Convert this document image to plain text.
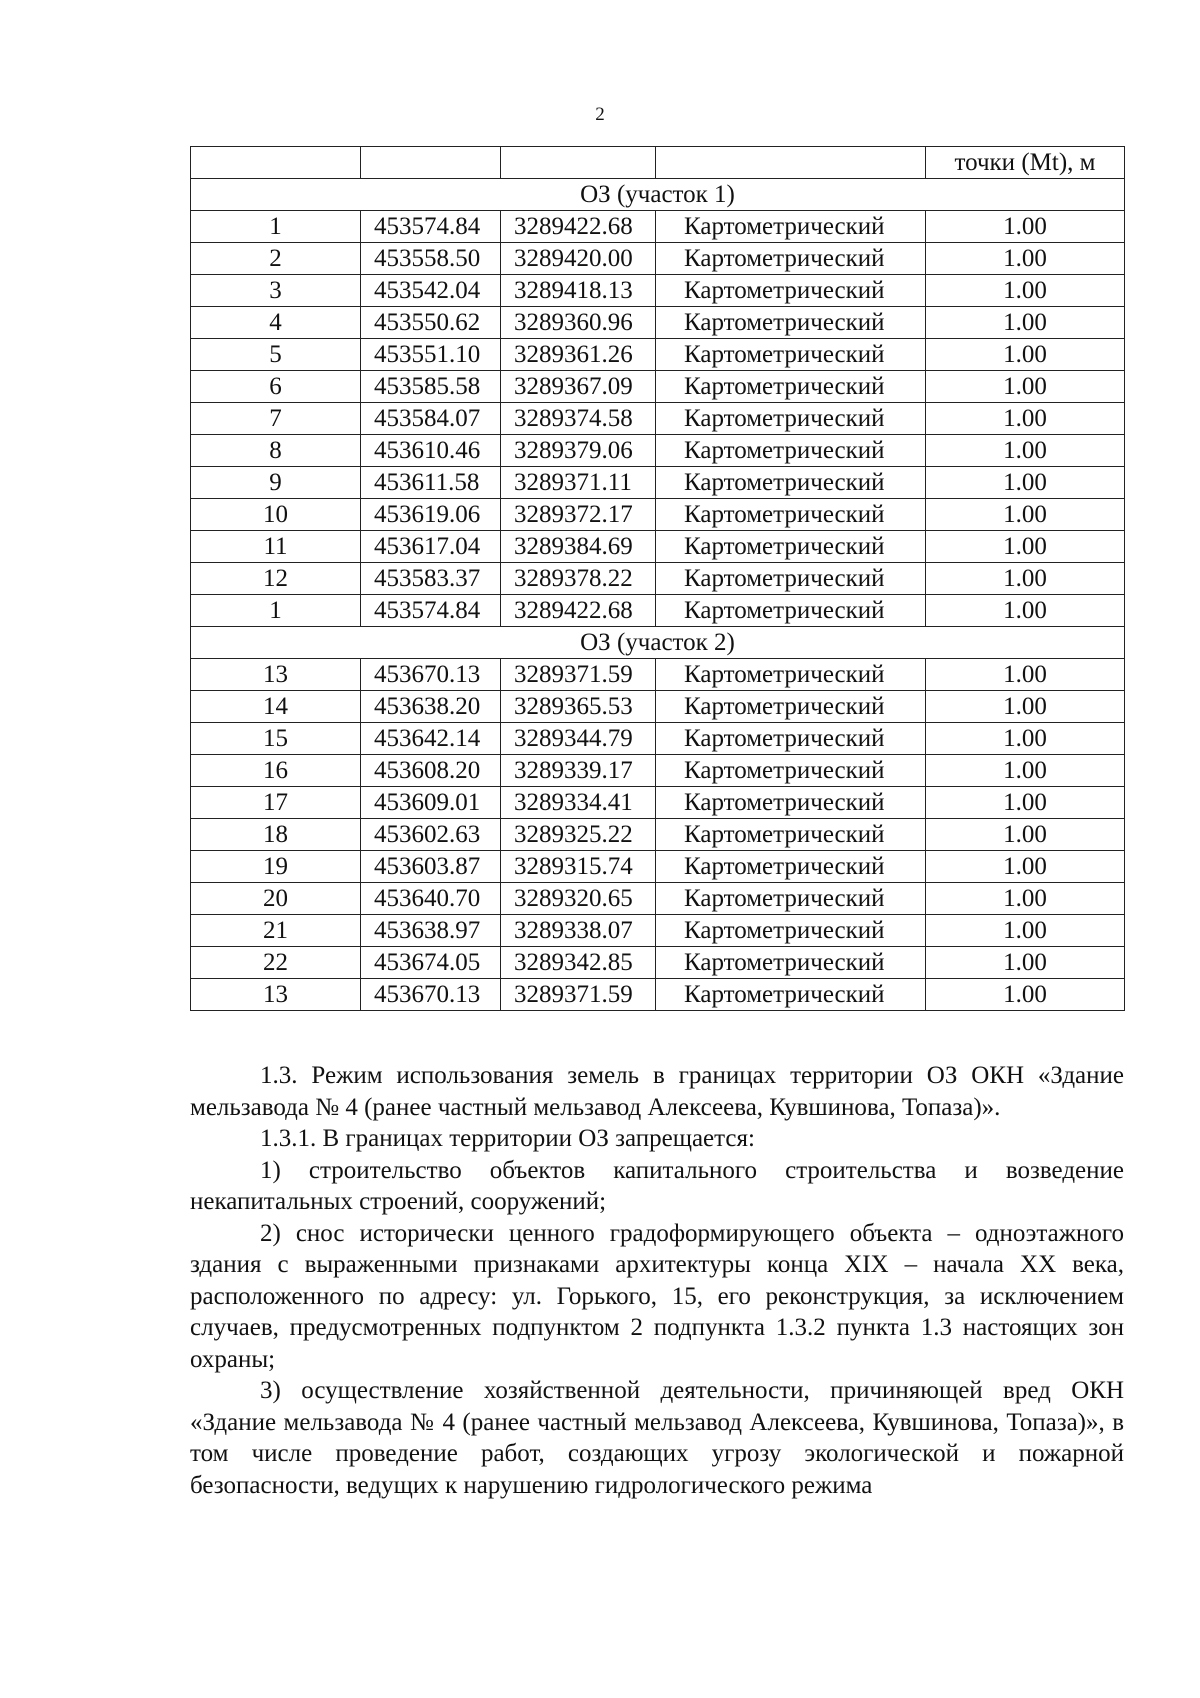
2
				точки (Mt), м
ОЗ (участок 1)				
1	453574.84	3289422.68	Картометрический	1.00
2	453558.50	3289420.00	Картометрический	1.00
3	453542.04	3289418.13	Картометрический	1.00
4	453550.62	3289360.96	Картометрический	1.00
5	453551.10	3289361.26	Картометрический	1.00
6	453585.58	3289367.09	Картометрический	1.00
7	453584.07	3289374.58	Картометрический	1.00
8	453610.46	3289379.06	Картометрический	1.00
9	453611.58	3289371.11	Картометрический	1.00
10	453619.06	3289372.17	Картометрический	1.00
11	453617.04	3289384.69	Картометрический	1.00
12	453583.37	3289378.22	Картометрический	1.00
1	453574.84	3289422.68	Картометрический	1.00
ОЗ (участок 2)				
13	453670.13	3289371.59	Картометрический	1.00
14	453638.20	3289365.53	Картометрический	1.00
15	453642.14	3289344.79	Картометрический	1.00
16	453608.20	3289339.17	Картометрический	1.00
17	453609.01	3289334.41	Картометрический	1.00
18	453602.63	3289325.22	Картометрический	1.00
19	453603.87	3289315.74	Картометрический	1.00
20	453640.70	3289320.65	Картометрический	1.00
21	453638.97	3289338.07	Картометрический	1.00
22	453674.05	3289342.85	Картометрический	1.00
13	453670.13	3289371.59	Картометрический	1.00

1.3. Режим использования земель в границах территории ОЗ ОКН «Здание мельзавода № 4 (ранее частный мельзавод Алексеева, Кувшинова, Топаза)».

1.3.1. В границах территории ОЗ запрещается:

1) строительство объектов капитального строительства и возведение некапитальных строений, сооружений;

2) снос исторически ценного градоформирующего объекта – одноэтажного здания с выраженными признаками архитектуры конца XIX – начала XX века, расположенного по адресу: ул. Горького, 15, его реконструкция, за исключением случаев, предусмотренных подпунктом 2 подпункта 1.3.2 пункта 1.3 настоящих зон охраны;

3) осуществление хозяйственной деятельности, причиняющей вред ОКН «Здание мельзавода № 4 (ранее частный мельзавод Алексеева, Кувшинова, Топаза)», в том числе проведение работ, создающих угрозу экологической и пожарной безопасности, ведущих к нарушению гидрологического режима
